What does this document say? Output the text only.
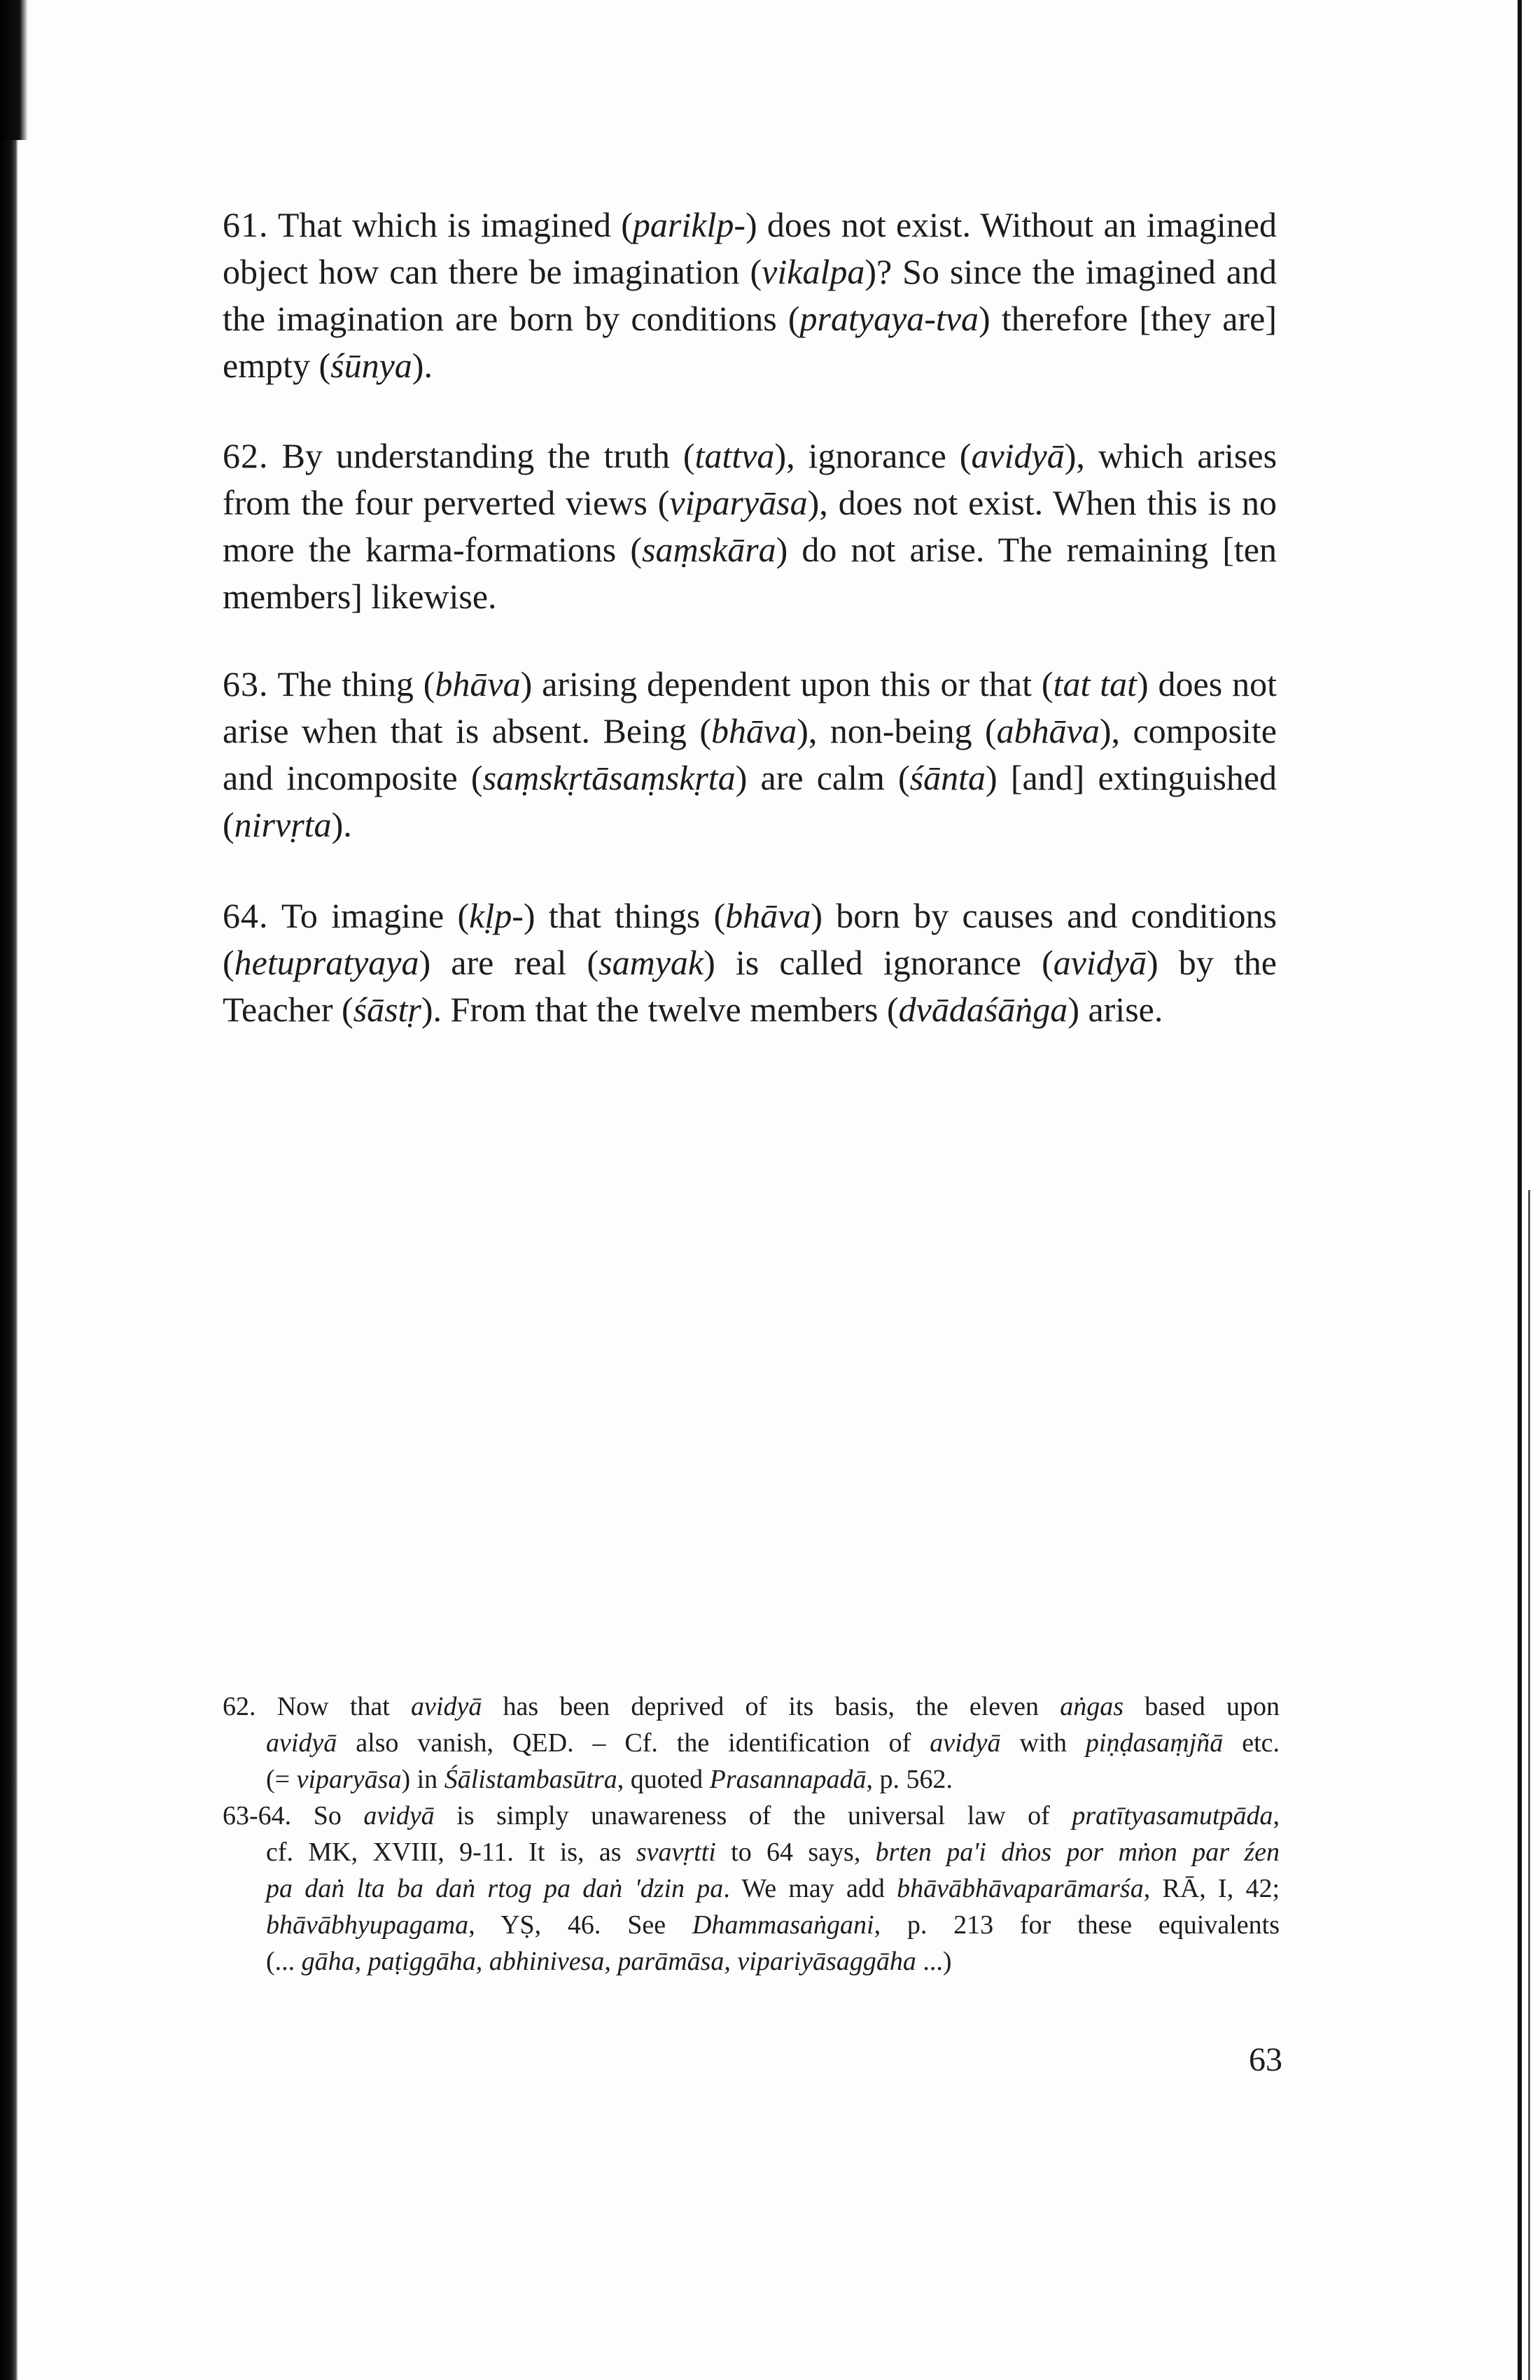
61. That which is imagined (pariklp-) does not exist. Without an imagined object how can there be imagination (vikalpa)? So since the imagined and the imagination are born by conditions (pratyaya-tva) therefore [they are] empty (śūnya).

62. By understanding the truth (tattva), ignorance (avidyā), which arises from the four perverted views (viparyāsa), does not exist. When this is no more the karma-formations (saṃskāra) do not arise. The remaining [ten members] likewise.

63. The thing (bhāva) arising dependent upon this or that (tat tat) does not arise when that is absent. Being (bhāva), non-being (abhāva), composite and incomposite (saṃskṛtāsaṃskṛta) are calm (śānta) [and] extinguished (nirvṛta).

64. To imagine (kḷp-) that things (bhāva) born by causes and conditions (hetupratyaya) are real (samyak) is called ignorance (avidyā) by the Teacher (śāstṛ). From that the twelve members (dvādaśāṅga) arise.

62. Now that avidyā has been deprived of its basis, the eleven aṅgas based upon
avidyā also vanish, QED. – Cf. the identification of avidyā with piṇḍasaṃjñā etc.
(= viparyāsa) in Śālistambasūtra, quoted Prasannapadā, p. 562.
63-64. So avidyā is simply unawareness of the universal law of pratītyasamutpāda,
cf. MK, XVIII, 9-11. It is, as svavṛtti to 64 says, brten pa'i dṅos por mṅon par źen
pa daṅ lta ba daṅ rtog pa daṅ 'dzin pa. We may add bhāvābhāvaparāmarśa, RĀ, I, 42;
bhāvābhyupagama, YṢ, 46. See Dhammasaṅgani, p. 213 for these equivalents
(... gāha, paṭiggāha, abhinivesa, parāmāsa, vipariyāsaggāha ...)
63
